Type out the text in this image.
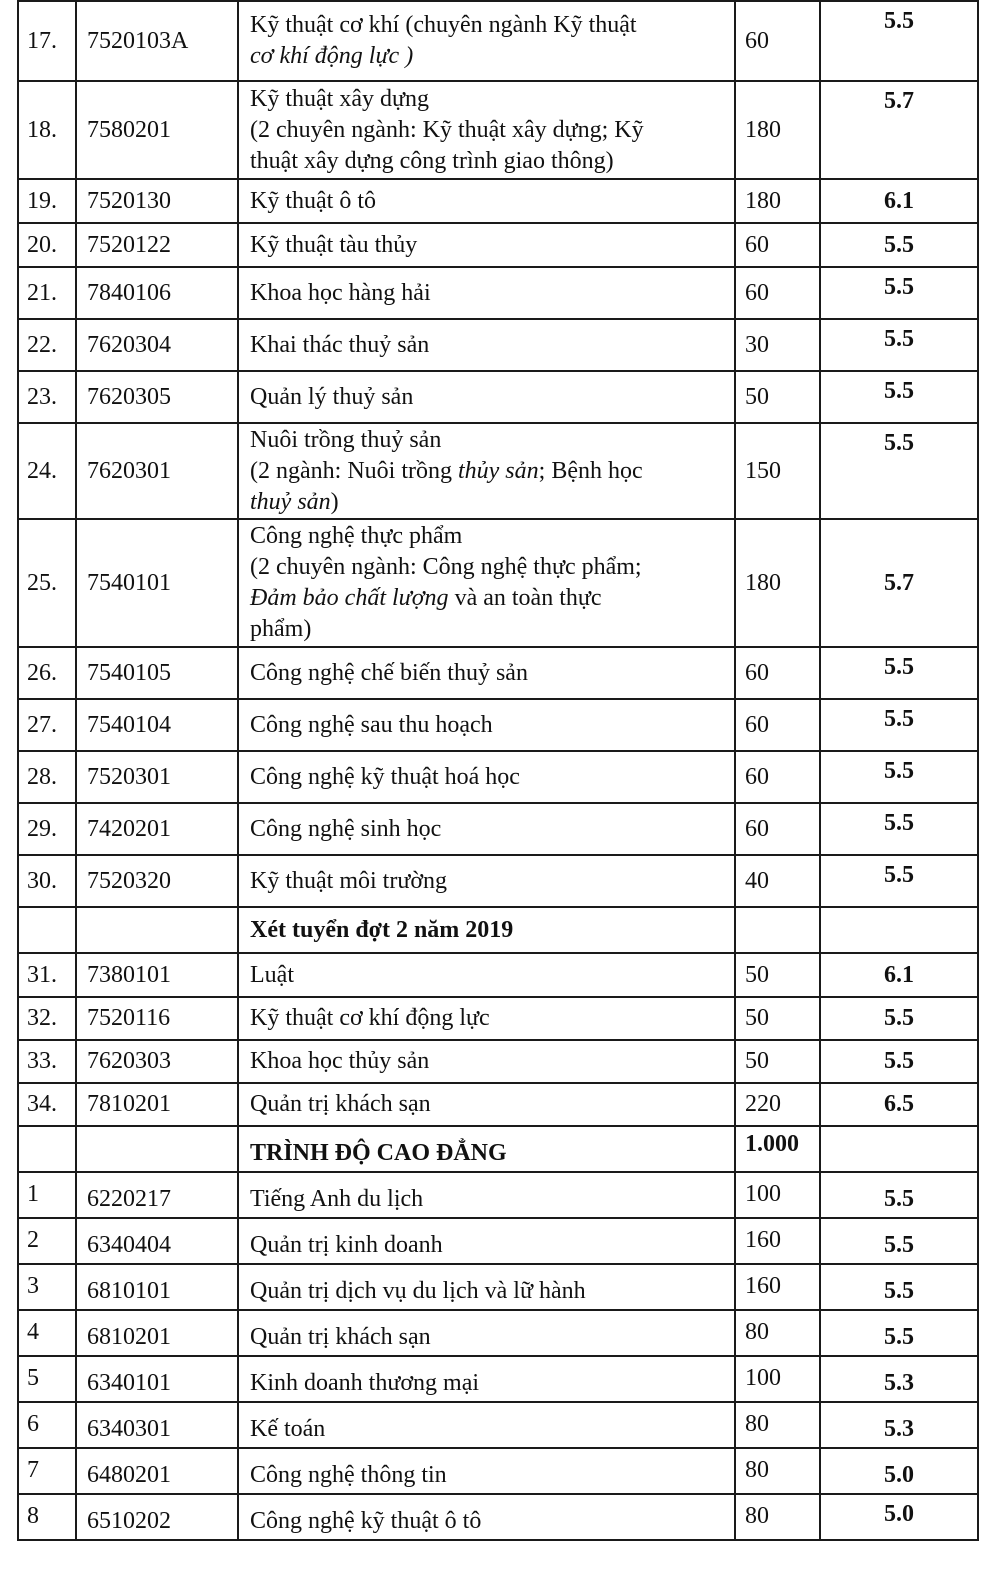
17.	7520103A	Kỹ thuật cơ khí (chuyên ngành Kỹ thuật
cơ khí động lực )	60	5.5
18.	7580201	Kỹ thuật xây dựng
(2 chuyên ngành: Kỹ thuật xây dựng; Kỹ
thuật xây dựng công trình giao thông)	180	5.7
19.	7520130	Kỹ thuật ô tô	180	6.1
20.	7520122	Kỹ thuật tàu thủy	60	5.5
21.	7840106	Khoa học hàng hải	60	5.5
22.	7620304	Khai thác thuỷ sản	30	5.5
23.	7620305	Quản lý thuỷ sản	50	5.5
24.	7620301	Nuôi trồng thuỷ sản
(2 ngành: Nuôi trồng thủy sản; Bệnh học
thuỷ sản)	150	5.5
25.	7540101	Công nghệ thực phẩm
(2 chuyên ngành: Công nghệ thực phẩm;
Đảm bảo chất lượng và an toàn thực
phẩm)	180	5.7
26.	7540105	Công nghệ chế biến thuỷ sản	60	5.5
27.	7540104	Công nghệ sau thu hoạch	60	5.5
28.	7520301	Công nghệ kỹ thuật hoá học	60	5.5
29.	7420201	Công nghệ sinh học	60	5.5
30.	7520320	Kỹ thuật môi trường	40	5.5
		Xét tuyển đợt 2 năm 2019		
31.	7380101	Luật	50	6.1
32.	7520116	Kỹ thuật cơ khí động lực	50	5.5
33.	7620303	Khoa học thủy sản	50	5.5
34.	7810201	Quản trị khách sạn	220	6.5
		TRÌNH ĐỘ CAO ĐẲNG	1.000	
1	6220217	Tiếng Anh du lịch	100	5.5
2	6340404	Quản trị kinh doanh	160	5.5
3	6810101	Quản trị dịch vụ du lịch và lữ hành	160	5.5
4	6810201	Quản trị khách sạn	80	5.5
5	6340101	Kinh doanh thương mại	100	5.3
6	6340301	Kế toán	80	5.3
7	6480201	Công nghệ thông tin	80	5.0
8	6510202	Công nghệ kỹ thuật ô tô	80	5.0
